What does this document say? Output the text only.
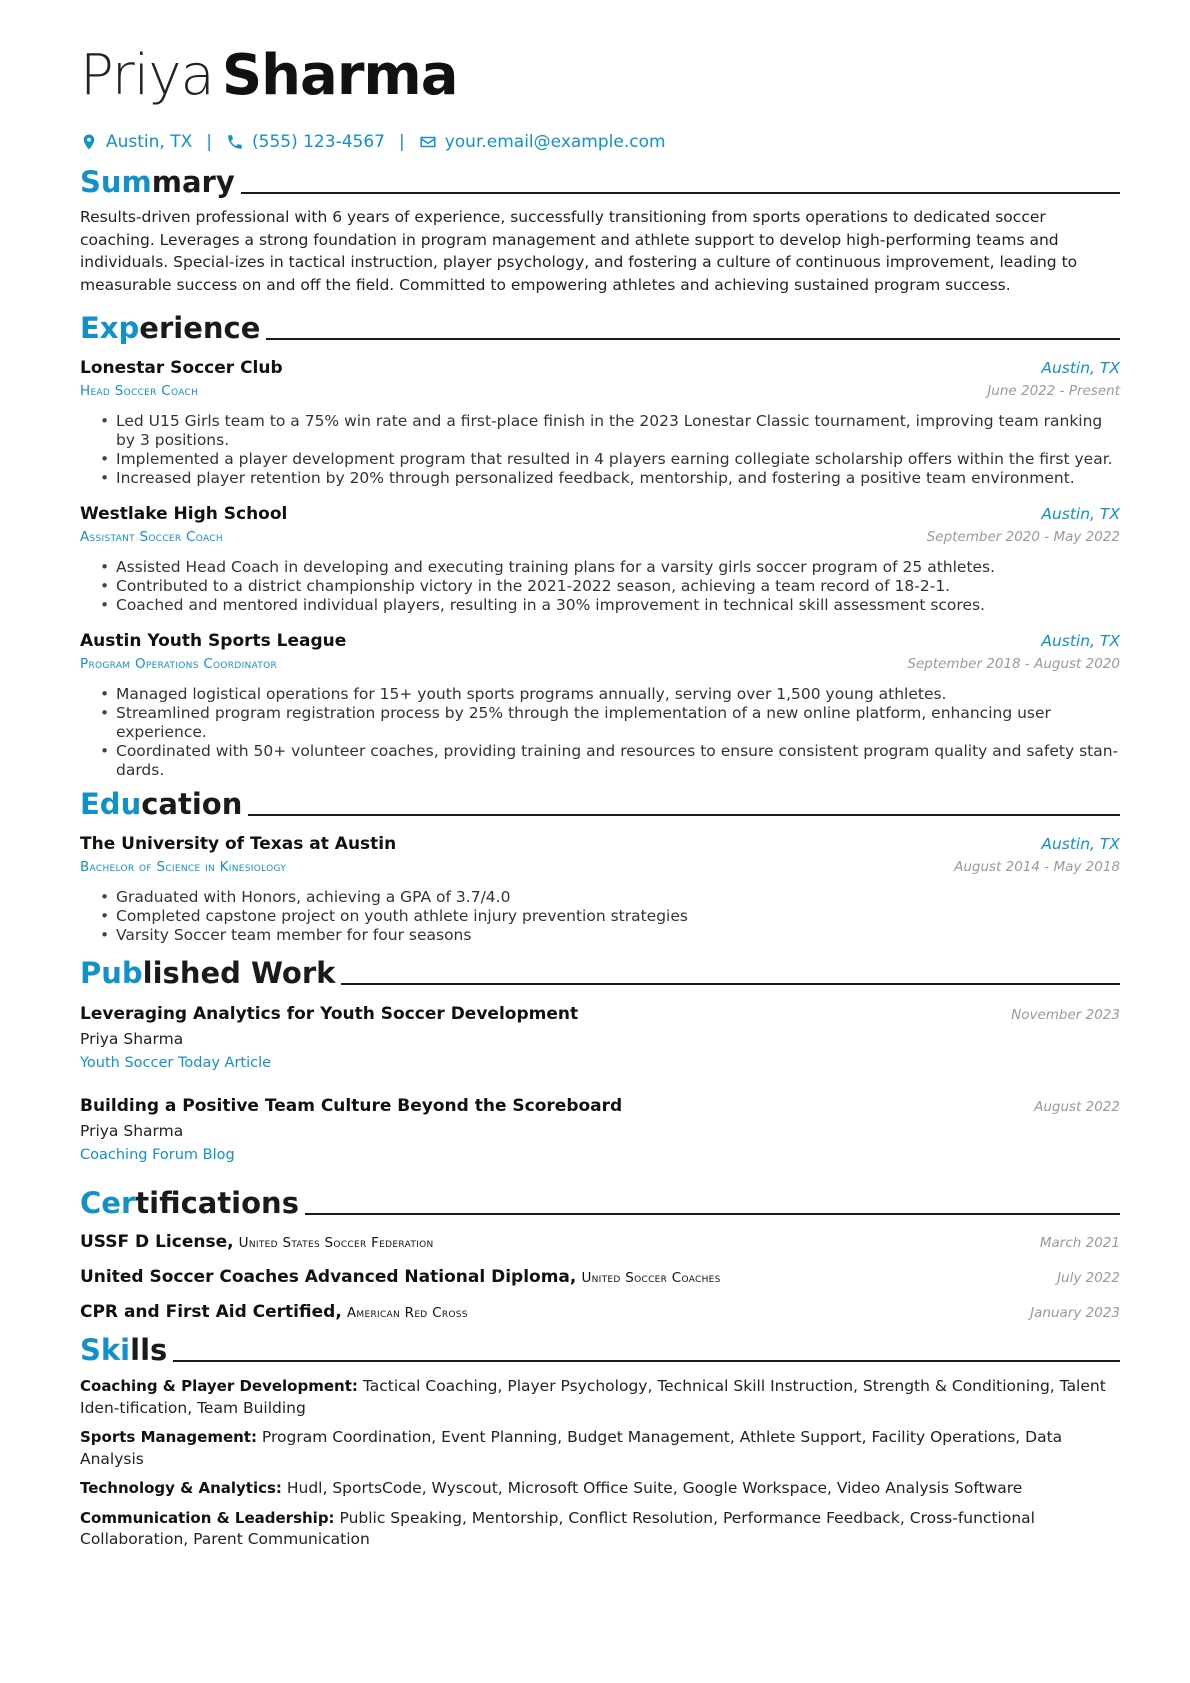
Priya Sharma
Austin, TX | (555) 123-4567 | your.email@example.com
Summary

Results-driven professional with 6 years of experience, successfully transitioning from sports operations to dedicated soccer coaching. Leverages a strong foundation in program management and athlete support to develop high-performing teams and individuals. Special-izes in tactical instruction, player psychology, and fostering a culture of continuous improvement, leading to measurable success on and off the field. Committed to empowering athletes and achieving sustained program success.

Experience
Lonestar Soccer Club	Austin, TX
Head Soccer Coach	June 2022 - Present
• Led U15 Girls team to a 75% win rate and a first-place finish in the 2023 Lonestar Classic tournament, improving team ranking by 3 positions.
• Implemented a player development program that resulted in 4 players earning collegiate scholarship offers within the first year.
• Increased player retention by 20% through personalized feedback, mentorship, and fostering a positive team environment.
Westlake High School	Austin, TX
Assistant Soccer Coach	September 2020 - May 2022
• Assisted Head Coach in developing and executing training plans for a varsity girls soccer program of 25 athletes.
• Contributed to a district championship victory in the 2021-2022 season, achieving a team record of 18-2-1.
• Coached and mentored individual players, resulting in a 30% improvement in technical skill assessment scores.
Austin Youth Sports League	Austin, TX
Program Operations Coordinator	September 2018 - August 2020
• Managed logistical operations for 15+ youth sports programs annually, serving over 1,500 young athletes.
• Streamlined program registration process by 25% through the implementation of a new online platform, enhancing user experience.
• Coordinated with 50+ volunteer coaches, providing training and resources to ensure consistent program quality and safety stan-dards.
Education
The University of Texas at Austin	Austin, TX
Bachelor of Science in Kinesiology	August 2014 - May 2018
• Graduated with Honors, achieving a GPA of 3.7/4.0
• Completed capstone project on youth athlete injury prevention strategies
• Varsity Soccer team member for four seasons
Published Work
Leveraging Analytics for Youth Soccer Development	November 2023
Priya Sharma
Youth Soccer Today Article
Building a Positive Team Culture Beyond the Scoreboard	August 2022
Priya Sharma
Coaching Forum Blog
Certifications
USSF D License, United States Soccer Federation	March 2021
United Soccer Coaches Advanced National Diploma, United Soccer Coaches	July 2022
CPR and First Aid Certified, American Red Cross	January 2023
Skills
Coaching & Player Development: Tactical Coaching, Player Psychology, Technical Skill Instruction, Strength & Conditioning, Talent Iden-tification, Team Building
Sports Management: Program Coordination, Event Planning, Budget Management, Athlete Support, Facility Operations, Data Analysis
Technology & Analytics: Hudl, SportsCode, Wyscout, Microsoft Office Suite, Google Workspace, Video Analysis Software
Communication & Leadership: Public Speaking, Mentorship, Conflict Resolution, Performance Feedback, Cross-functional Collaboration, Parent Communication
